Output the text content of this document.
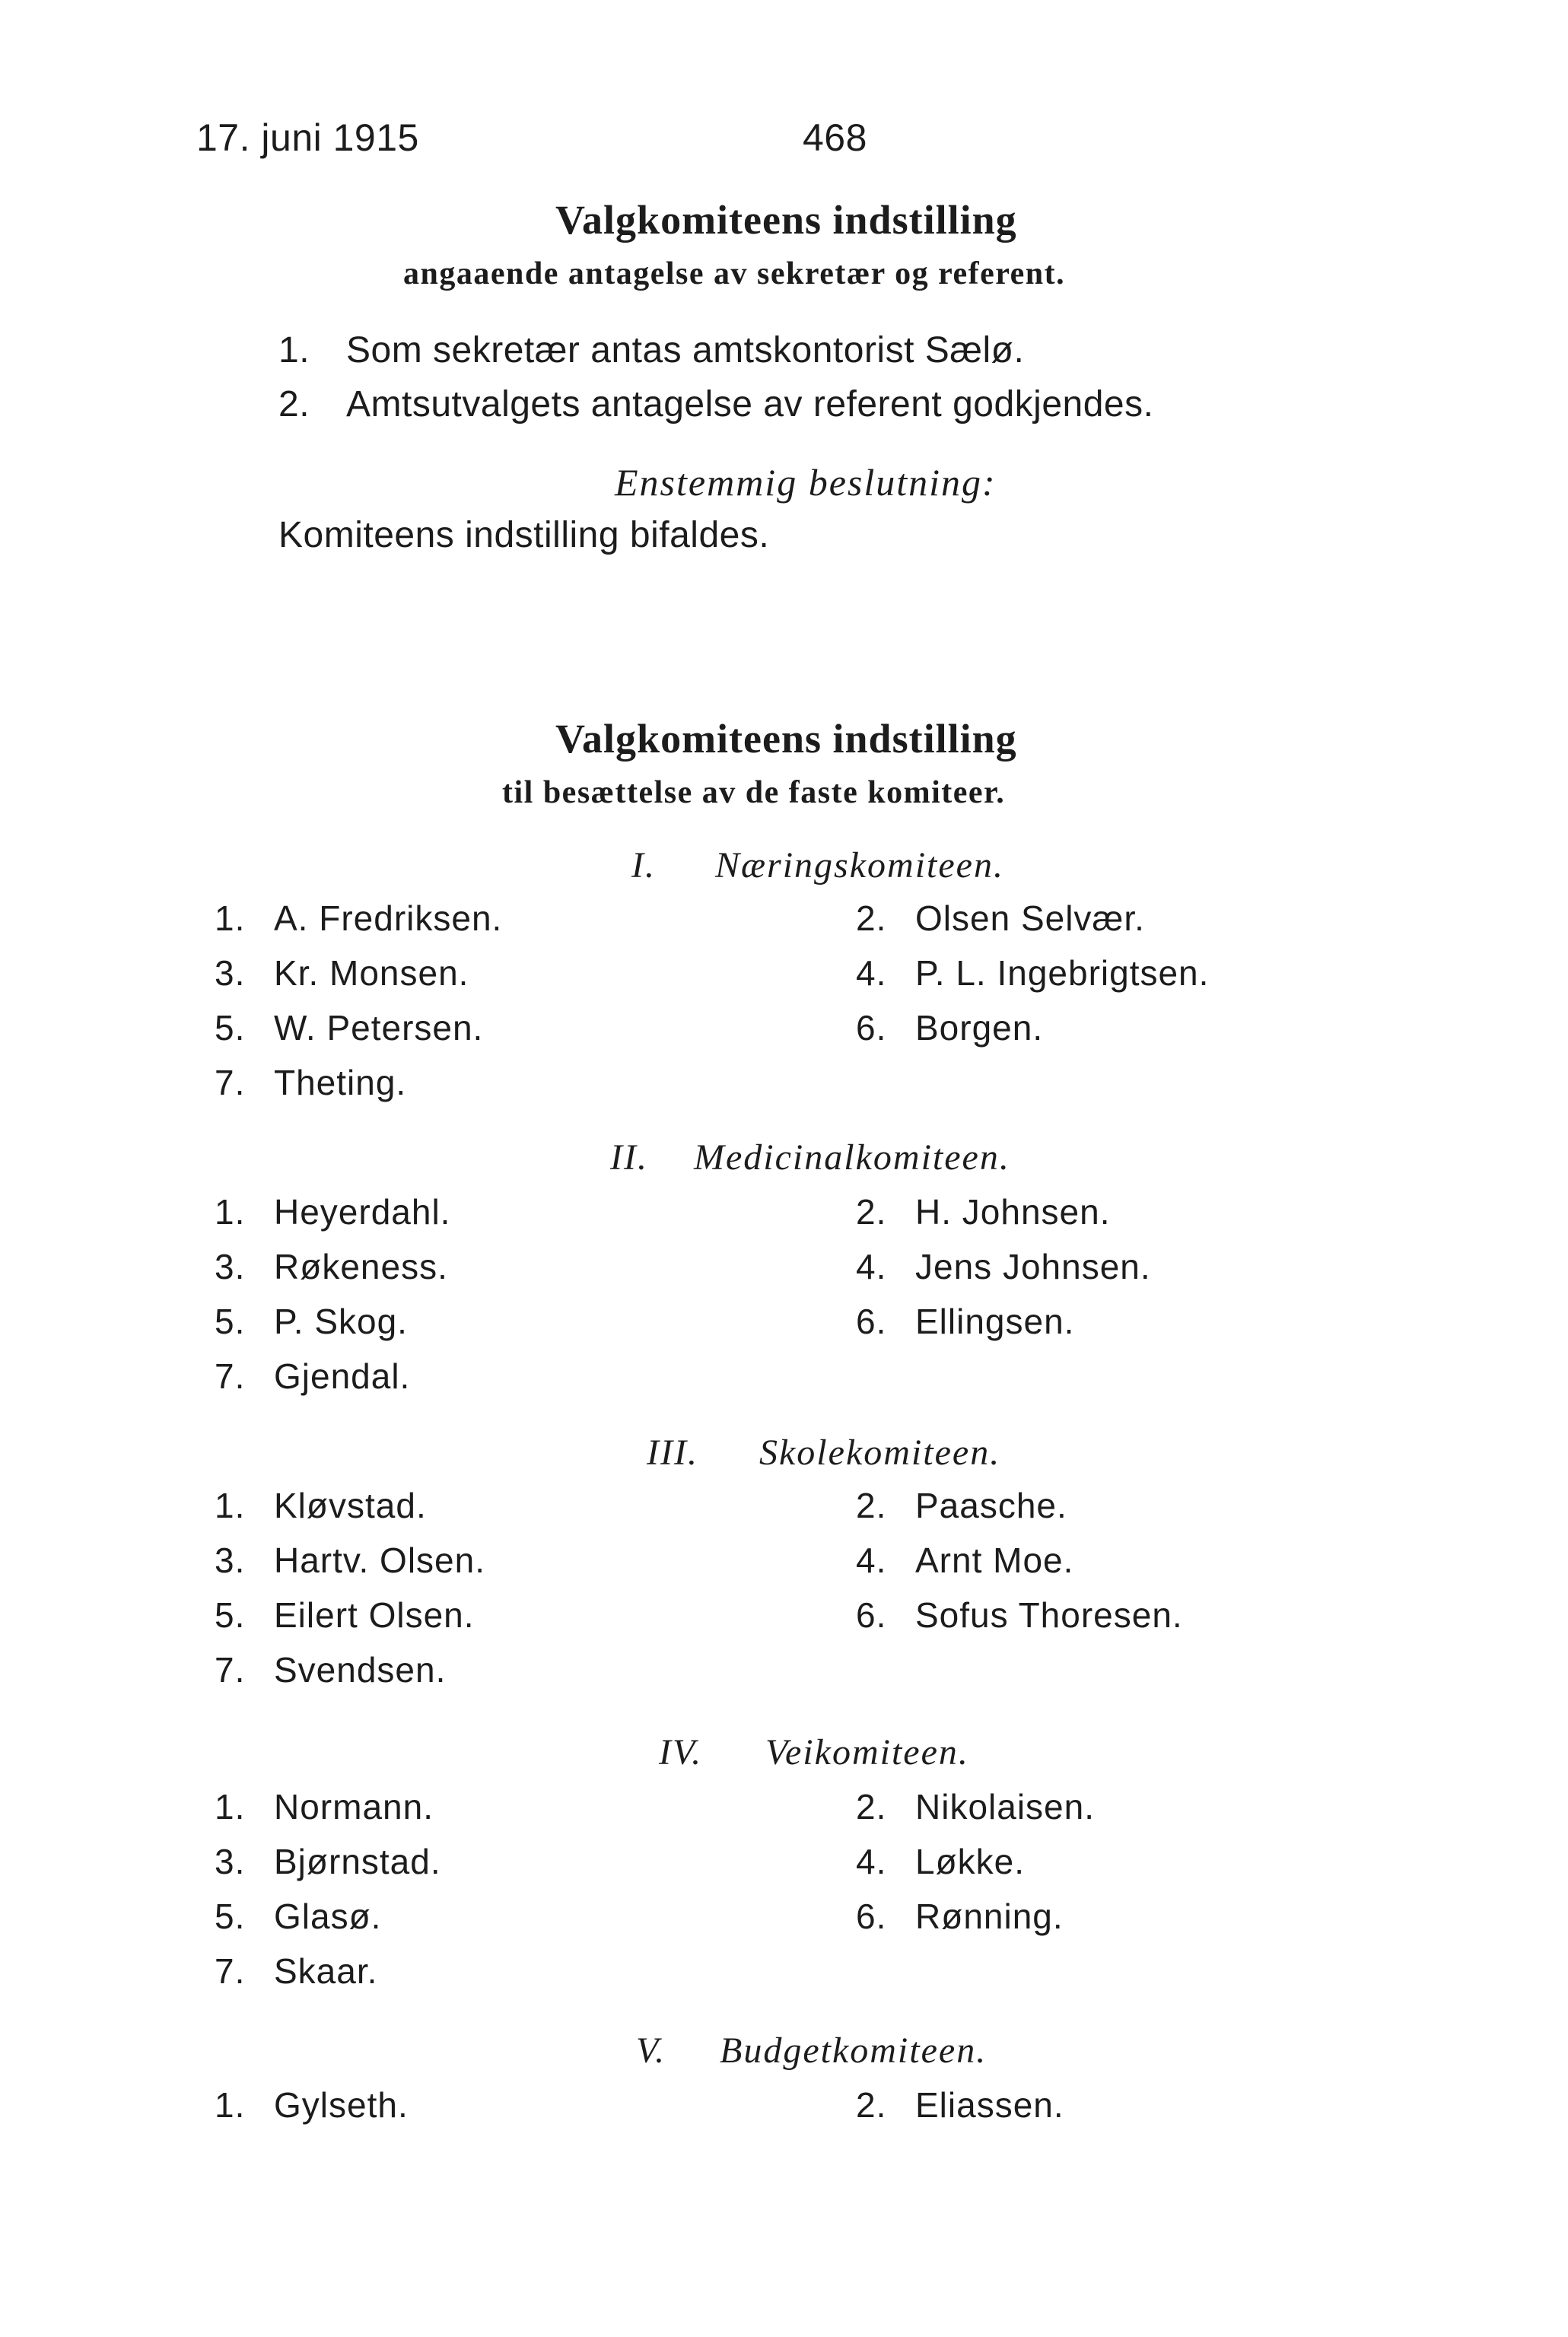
17. juni 1915	468
Valgkomiteens indstilling
angaaende antagelse av sekretær og referent.
1. Som sekretær antas amtskontorist Sælø.
2. Amtsutvalgets antagelse av referent godkjendes.
Enstemmig beslutning:
Komiteens indstilling bifaldes.
Valgkomiteens indstilling
til besættelse av de faste komiteer.
I. Næringskomiteen.
1. A. Fredriksen.	2. Olsen Selvær.
3. Kr. Monsen.	4. P. L. Ingebrigtsen.
5. W. Petersen.	6. Borgen.
7. Theting.
II. Medicinalkomiteen.
1. Heyerdahl.	2. H. Johnsen.
3. Røkeness.	4. Jens Johnsen.
5. P. Skog.	6. Ellingsen.
7. Gjendal.
III. Skolekomiteen.
1. Kløvstad.	2. Paasche.
3. Hartv. Olsen.	4. Arnt Moe.
5. Eilert Olsen.	6. Sofus Thoresen.
7. Svendsen.
IV. Veikomiteen.
1. Normann.	2. Nikolaisen.
3. Bjørnstad.	4. Løkke.
5. Glasø.	6. Rønning.
7. Skaar.
V. Budgetkomiteen.
1. Gylseth.	2. Eliassen.
